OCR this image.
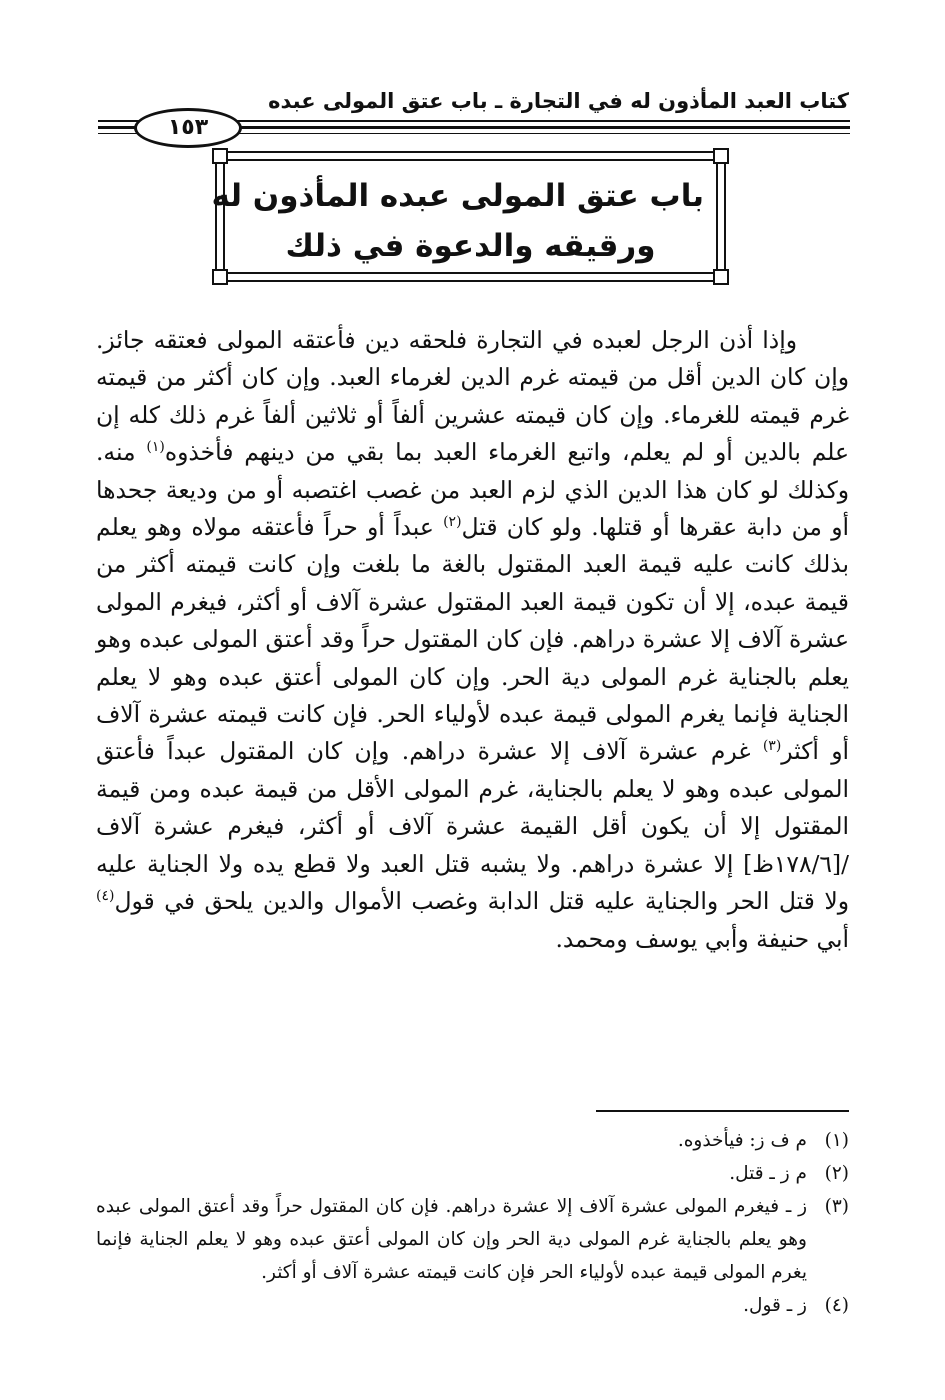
كتاب العبد المأذون له في التجارة ـ باب عتق المولى عبده
١٥٣
باب عتق المولى عبده المأذون له
ورقيقه والدعوة في ذلك

وإذا أذن الرجل لعبده في التجارة فلحقه دين فأعتقه المولى فعتقه جائز. وإن كان الدين أقل من قيمته غرم الدين لغرماء العبد. وإن كان أكثر من قيمته غرم قيمته للغرماء. وإن كان قيمته عشرين ألفاً أو ثلاثين ألفاً غرم ذلك كله إن علم بالدين أو لم يعلم، واتبع الغرماء العبد بما بقي من دينهم فأخذوه$^{(١)}$ منه. وكذلك لو كان هذا الدين الذي لزم العبد من غصب اغتصبه أو من وديعة جحدها أو من دابة عقرها أو قتلها. ولو كان قتل$^{(٢)}$ عبداً أو حراً فأعتقه مولاه وهو يعلم بذلك كانت عليه قيمة العبد المقتول بالغة ما بلغت وإن كانت قيمته أكثر من قيمة عبده، إلا أن تكون قيمة العبد المقتول عشرة آلاف أو أكثر، فيغرم المولى عشرة آلاف إلا عشرة دراهم. فإن كان المقتول حراً وقد أعتق المولى عبده وهو يعلم بالجناية غرم المولى دية الحر. وإن كان المولى أعتق عبده وهو لا يعلم الجناية فإنما يغرم المولى قيمة عبده لأولياء الحر. فإن كانت قيمته عشرة آلاف أو أكثر$^{(٣)}$ غرم عشرة آلاف إلا عشرة دراهم. وإن كان المقتول عبداً فأعتق المولى عبده وهو لا يعلم بالجناية، غرم المولى الأقل من قيمة عبده ومن قيمة المقتول إلا أن يكون أقل القيمة عشرة آلاف أو أكثر، فيغرم عشرة آلاف /[١٧٨/٦ظ] إلا عشرة دراهم. ولا يشبه قتل العبد ولا قطع يده ولا الجناية عليه ولا قتل الحر والجناية عليه قتل الدابة وغصب الأموال والدين يلحق في قول$^{(٤)}$ أبي حنيفة وأبي يوسف ومحمد.

(١)
م ف ز: فيأخذوه.
(٢)
م ز ـ قتل.
(٣)
ز ـ فيغرم المولى عشرة آلاف إلا عشرة دراهم. فإن كان المقتول حراً وقد أعتق المولى عبده وهو يعلم بالجناية غرم المولى دية الحر وإن كان المولى أعتق عبده وهو لا يعلم الجناية فإنما يغرم المولى قيمة عبده لأولياء الحر فإن كانت قيمته عشرة آلاف أو أكثر.
(٤)
ز ـ قول.
